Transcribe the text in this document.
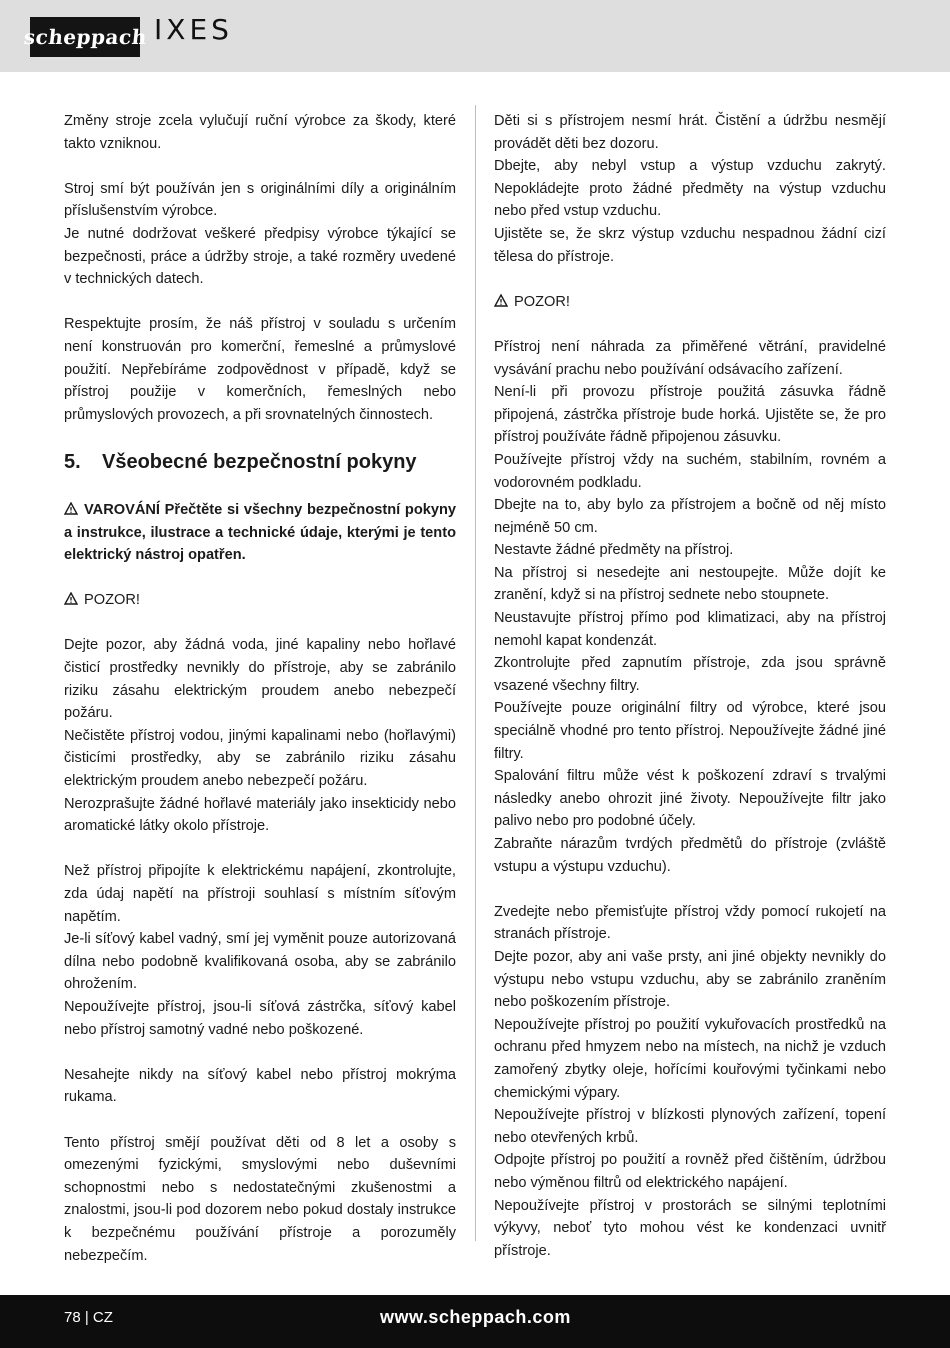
scheppach IXES

Změny stroje zcela vylučují ruční výrobce za škody, které takto vzniknou.

Stroj smí být používán jen s originálními díly a originálním příslušenstvím výrobce.

Je nutné dodržovat veškeré předpisy výrobce týkající se bezpečnosti, práce a údržby stroje, a také rozměry uvedené v technických datech.

Respektujte prosím, že náš přístroj v souladu s určením není konstruován pro komerční, řemeslné a průmyslové použití. Nepřebíráme zodpovědnost v případě, když se přístroj použije v komerčních, řemeslných nebo průmyslových provozech, a při srovnatelných činnostech.

5.	Všeobecné bezpečnostní pokyny

VAROVÁNÍ Přečtěte si všechny bezpečnostní pokyny a instrukce, ilustrace a technické údaje, kterými je tento elektrický nástroj opatřen.

POZOR!

Dejte pozor, aby žádná voda, jiné kapaliny nebo hořlavé čisticí prostředky nevnikly do přístroje, aby se zabránilo riziku zásahu elektrickým proudem anebo nebezpečí požáru.

Nečistěte přístroj vodou, jinými kapalinami nebo (hořlavými) čisticími prostředky, aby se zabránilo riziku zásahu elektrickým proudem anebo nebezpečí požáru.

Nerozprašujte žádné hořlavé materiály jako insekticidy nebo aromatické látky okolo přístroje.

Než přístroj připojíte k elektrickému napájení, zkontrolujte, zda údaj napětí na přístroji souhlasí s místním síťovým napětím.

Je-li síťový kabel vadný, smí jej vyměnit pouze autorizovaná dílna nebo podobně kvalifikovaná osoba, aby se zabránilo ohrožením.

Nepoužívejte přístroj, jsou-li síťová zástrčka, síťový kabel nebo přístroj samotný vadné nebo poškozené.

Nesahejte nikdy na síťový kabel nebo přístroj mokrýma rukama.

Tento přístroj smějí používat děti od 8 let a osoby s omezenými fyzickými, smyslovými nebo duševními schopnostmi nebo s nedostatečnými zkušenostmi a znalostmi, jsou-li pod dozorem nebo pokud dostaly instrukce k bezpečnému používání přístroje a porozuměly nebezpečím.

Děti si s přístrojem nesmí hrát. Čistění a údržbu nesmějí provádět děti bez dozoru.

Dbejte, aby nebyl vstup a výstup vzduchu zakrytý. Nepokládejte proto žádné předměty na výstup vzduchu nebo před vstup vzduchu.

Ujistěte se, že skrz výstup vzduchu nespadnou žádní cizí tělesa do přístroje.

POZOR!

Přístroj není náhrada za přiměřené větrání, pravidelné vysávání prachu nebo používání odsávacího zařízení.

Není-li při provozu přístroje použitá zásuvka řádně připojená, zástrčka přístroje bude horká. Ujistěte se, že pro přístroj používáte řádně připojenou zásuvku.

Používejte přístroj vždy na suchém, stabilním, rovném a vodorovném podkladu.

Dbejte na to, aby bylo za přístrojem a bočně od něj místo nejméně 50 cm.

Nestavte žádné předměty na přístroj.

Na přístroj si nesedejte ani nestoupejte. Může dojít ke zranění, když si na přístroj sednete nebo stoupnete.

Neustavujte přístroj přímo pod klimatizaci, aby na přístroj nemohl kapat kondenzát.

Zkontrolujte před zapnutím přístroje, zda jsou správně vsazené všechny filtry.

Používejte pouze originální filtry od výrobce, které jsou speciálně vhodné pro tento přístroj. Nepoužívejte žádné jiné filtry.

Spalování filtru může vést k poškození zdraví s trvalými následky anebo ohrozit jiné životy. Nepoužívejte filtr jako palivo nebo pro podobné účely.

Zabraňte nárazům tvrdých předmětů do přístroje (zvláště vstupu a výstupu vzduchu).

Zvedejte nebo přemisťujte přístroj vždy pomocí rukojetí na stranách přístroje.

Dejte pozor, aby ani vaše prsty, ani jiné objekty nevnikly do výstupu nebo vstupu vzduchu, aby se zabránilo zraněním nebo poškozením přístroje.

Nepoužívejte přístroj po použití vykuřovacích prostředků na ochranu před hmyzem nebo na místech, na nichž je vzduch zamořený zbytky oleje, hořícími kouřovými tyčinkami nebo chemickými výpary.

Nepoužívejte přístroj v blízkosti plynových zařízení, topení nebo otevřených krbů.

Odpojte přístroj po použití a rovněž před čištěním, údržbou nebo výměnou filtrů od elektrického napájení.

Nepoužívejte přístroj v prostorách se silnými teplotními výkyvy, neboť tyto mohou vést ke kondenzaci uvnitř přístroje.

78 | CZ	www.scheppach.com
